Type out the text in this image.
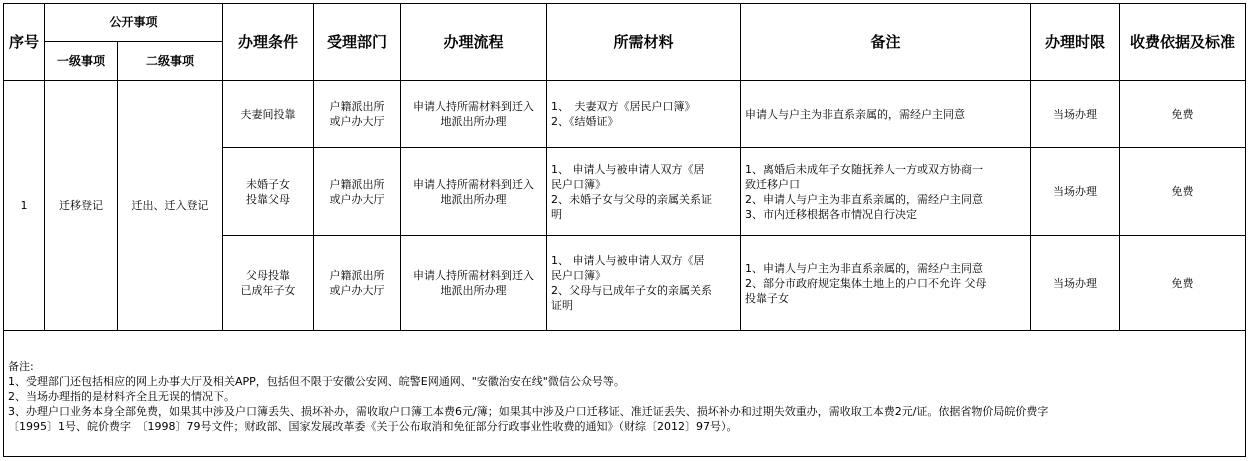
序号	公开事项		办理条件	受理部门	办理流程	所需材料	备注	办理时限	收费依据及标准
	一级事项	二级事项							
1	迁移登记	迁出、迁入登记	夫妻间投靠	户籍派出所
或户办大厅	申请人持所需材料到迁入
地派出所办理	1、　夫妻双方《居民户口簿》
2、《结婚证》	申请人与户主为非直系亲属的，需经户主同意	当场办理	免费

			未婚子女
投靠父母	户籍派出所
或户办大厅	申请人持所需材料到迁入
地派出所办理	1、 申请人与被申请人双方《居
民户口簿》
2、未婚子女与父母的亲属关系证
明	1、离婚后未成年子女随抚养人一方或双方协商一
致迁移户口
2、申请人与户主为非直系亲属的，需经户主同意
3、市内迁移根据各市情况自行决定	当场办理	免费

			父母投靠
已成年子女	户籍派出所
或户办大厅	申请人持所需材料到迁入
地派出所办理	1、 申请人与被申请人双方《居
民户口簿》
2、父母与已成年子女的亲属关系
证明	1、申请人与户主为非直系亲属的，需经户主同意
2、部分市政府规定集体土地上的户口不允许 父母
投靠子女	当场办理	免费

备注:
1、受理部门还包括相应的网上办事大厅及相关APP，包括但不限于安徽公安网、皖警E网通网、"安徽治安在线"微信公众号等。
2、当场办理指的是材料齐全且无误的情况下。
3、办理户口业务本身全部免费，如果其中涉及户口簿丢失、损坏补办，需收取户口簿工本费6元/簿；如果其中涉及户口迁移证、准迁证丢失、损坏补办和过期失效重办，需收取工本费2元/证。依据省物价局皖价费字
〔1995〕1号、皖价费字　〔1998〕79号文件；财政部、国家发展改革委《关于公布取消和免征部分行政事业性收费的通知》（财综〔2012〕97号）。									
